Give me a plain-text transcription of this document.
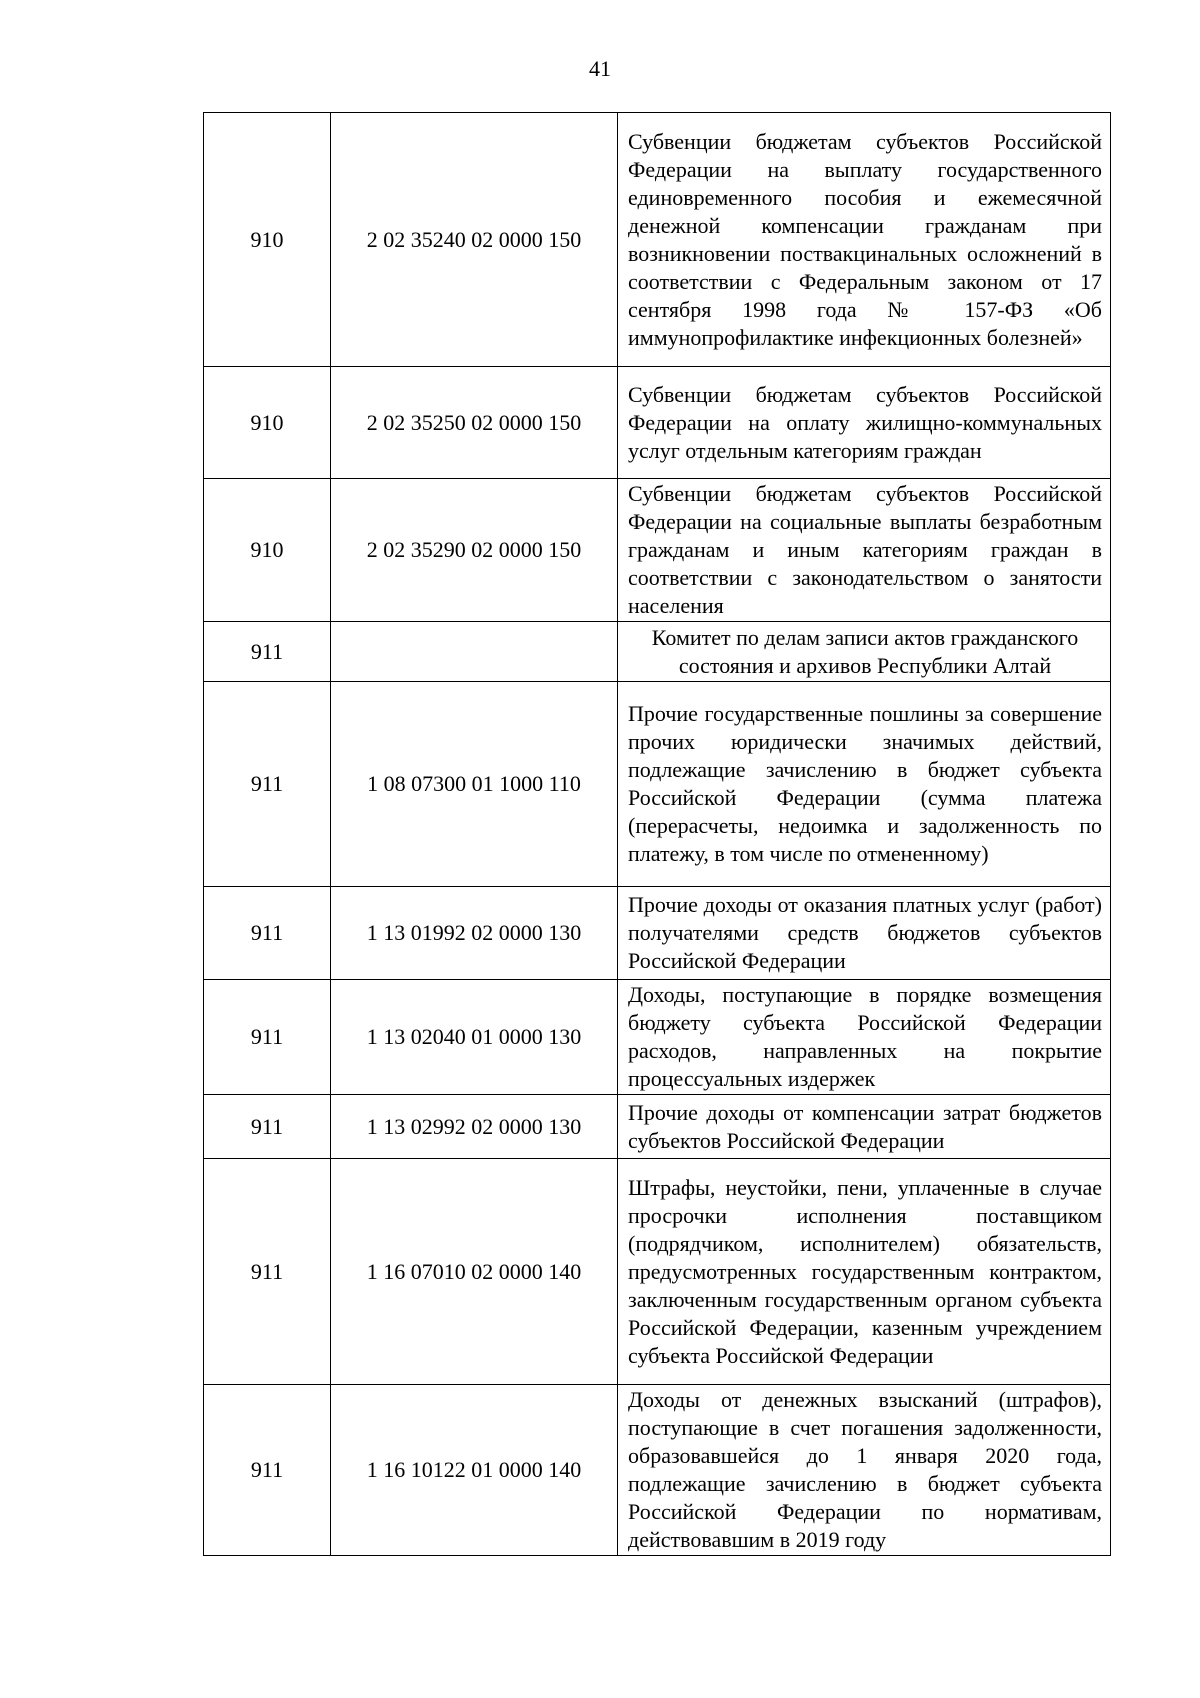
41
910	2 02 35240 02 0000 150	Субвенции бюджетам субъектов Российской Федерации на выплату государственного единовременного пособия и ежемесячной денежной компенсации гражданам при возникновении поствакцинальных осложнений в соответствии с Федеральным законом от 17 сентября 1998 года № 157-ФЗ «Об иммунопрофилактике инфекционных болезней»
910	2 02 35250 02 0000 150	Субвенции бюджетам субъектов Российской Федерации на оплату жилищно-коммунальных услуг отдельным категориям граждан
910	2 02 35290 02 0000 150	Субвенции бюджетам субъектов Российской Федерации на социальные выплаты безработным гражданам и иным категориям граждан в соответствии с законодательством о занятости населения
911		Комитет по делам записи актов гражданского состояния и архивов Республики Алтай
911	1 08 07300 01 1000 110	Прочие государственные пошлины за совершение прочих юридически значимых действий, подлежащие зачислению в бюджет субъекта Российской Федерации (сумма платежа (перерасчеты, недоимка и задолженность по платежу, в том числе по отмененному)
911	1 13 01992 02 0000 130	Прочие доходы от оказания платных услуг (работ) получателями средств бюджетов субъектов Российской Федерации
911	1 13 02040 01 0000 130	Доходы, поступающие в порядке возмещения бюджету субъекта Российской Федерации расходов, направленных на покрытие процессуальных издержек
911	1 13 02992 02 0000 130	Прочие доходы от компенсации затрат бюджетов субъектов Российской Федерации
911	1 16 07010 02 0000 140	Штрафы, неустойки, пени, уплаченные в случае просрочки исполнения поставщиком (подрядчиком, исполнителем) обязательств, предусмотренных государственным контрактом, заключенным государственным органом субъекта Российской Федерации, казенным учреждением субъекта Российской Федерации
911	1 16 10122 01 0000 140	Доходы от денежных взысканий (штрафов), поступающие в счет погашения задолженности, образовавшейся до 1 января 2020 года, подлежащие зачислению в бюджет субъекта Российской Федерации по нормативам, действовавшим в 2019 году
